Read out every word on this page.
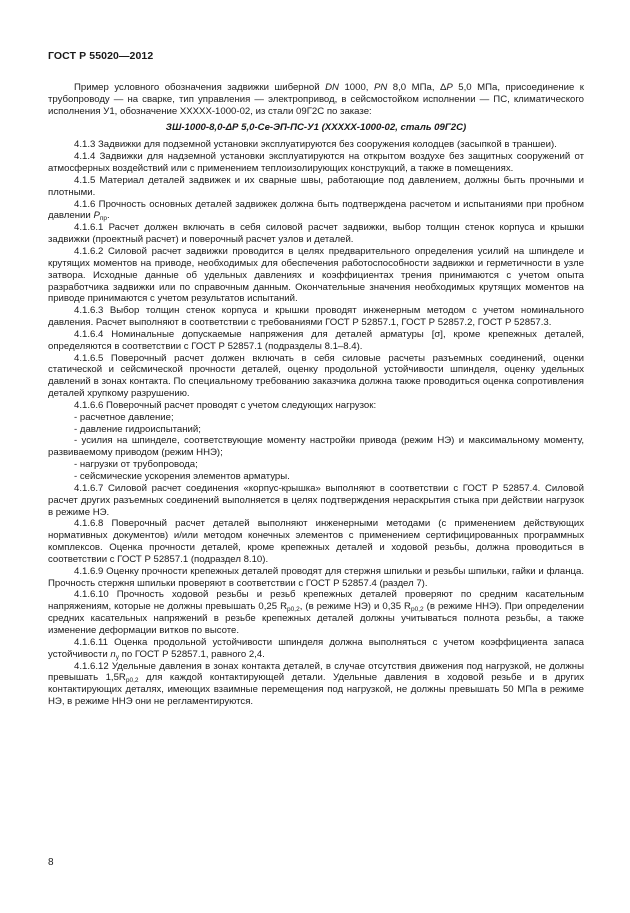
ГОСТ Р 55020—2012

Пример условного обозначения задвижки шиберной DN 1000, PN 8,0 МПа, ΔP 5,0 МПа, присоединение к трубопроводу — на сварке, тип управления — электропривод, в сейсмостойком исполнении — ПС, климатического исполнения У1, обозначение ХХХХХ-1000-02, из стали 09Г2С по заказе:

ЗШ-1000-8,0-ΔР 5,0-Сe-ЭП-ПС-У1 (ХХХХХ-1000-02, сталь 09Г2С)

4.1.3 Задвижки для подземной установки эксплуатируются без сооружения колодцев (засыпкой в траншеи).

4.1.4 Задвижки для надземной установки эксплуатируются на открытом воздухе без защитных сооружений от атмосферных воздействий или с применением теплоизолирующих конструкций, а также в помещениях.

4.1.5 Материал деталей задвижек и их сварные швы, работающие под давлением, должны быть прочными и плотными.

4.1.6 Прочность основных деталей задвижек должна быть подтверждена расчетом и испытаниями при пробном давлении $P_{пр}$.

4.1.6.1 Расчет должен включать в себя силовой расчет задвижки, выбор толщин стенок корпуса и крышки задвижки (проектный расчет) и поверочный расчет узлов и деталей.

4.1.6.2 Силовой расчет задвижки проводится в целях предварительного определения усилий на шпинделе и крутящих моментов на приводе, необходимых для обеспечения работоспособности задвижки и герметичности в узле затвора. Исходные данные об удельных давлениях и коэффициентах трения принимаются с учетом опыта разработчика задвижки или по справочным данным. Окончательные значения необходимых крутящих моментов на приводе принимаются с учетом результатов испытаний.

4.1.6.3 Выбор толщин стенок корпуса и крышки проводят инженерным методом с учетом номинального давления. Расчет выполняют в соответствии с требованиями ГОСТ Р 52857.1, ГОСТ Р 52857.2, ГОСТ Р 52857.3.

4.1.6.4 Номинальные допускаемые напряжения для деталей арматуры [σ], кроме крепежных деталей, определяются в соответствии с ГОСТ Р 52857.1 (подразделы 8.1–8.4).

4.1.6.5 Поверочный расчет должен включать в себя силовые расчеты разъемных соединений, оценки статической и сейсмической прочности деталей, оценку продольной устойчивости шпинделя, оценку удельных давлений в зонах контакта. По специальному требованию заказчика должна также проводиться оценка сопротивления деталей хрупкому разрушению.

4.1.6.6 Поверочный расчет проводят с учетом следующих нагрузок:

- расчетное давление;

- давление гидроиспытаний;

- усилия на шпинделе, соответствующие моменту настройки привода (режим НЭ) и максимальному моменту, развиваемому приводом (режим ННЭ);

- нагрузки от трубопровода;

- сейсмические ускорения элементов арматуры.

4.1.6.7 Силовой расчет соединения «корпус-крышка» выполняют в соответствии с ГОСТ Р 52857.4. Силовой расчет других разъемных соединений выполняется в целях подтверждения нераскрытия стыка при действии нагрузок в режиме НЭ.

4.1.6.8 Поверочный расчет деталей выполняют инженерными методами (с применением действующих нормативных документов) и/или методом конечных элементов с применением сертифицированных программных комплексов. Оценка прочности деталей, кроме крепежных деталей и ходовой резьбы, должна проводиться в соответствии с ГОСТ Р 52857.1 (подраздел 8.10).

4.1.6.9 Оценку прочности крепежных деталей проводят для стержня шпильки и резьбы шпильки, гайки и фланца. Прочность стержня шпильки проверяют в соответствии с ГОСТ Р 52857.4 (раздел 7).

4.1.6.10 Прочность ходовой резьбы и резьб крепежных деталей проверяют по средним касательным напряжениям, которые не должны превышать 0,25 $R_{p0,2}$, (в режиме НЭ) и 0,35 $R_{p0,2}$ (в режиме ННЭ). При определении средних касательных напряжений в резьбе крепежных деталей должны учитываться полнота резьбы, а также изменение деформации витков по высоте.

4.1.6.11 Оценка продольной устойчивости шпинделя должна выполняться с учетом коэффициента запаса устойчивости $n_y$ по ГОСТ Р 52857.1, равного 2,4.

4.1.6.12 Удельные давления в зонах контакта деталей, в случае отсутствия движения под нагрузкой, не должны превышать $1,5R_{p0,2}$ для каждой контактирующей детали. Удельные давления в ходовой резьбе и в других контактирующих деталях, имеющих взаимные перемещения под нагрузкой, не должны превышать 50 МПа в режиме НЭ, в режиме ННЭ они не регламентируются.

8
